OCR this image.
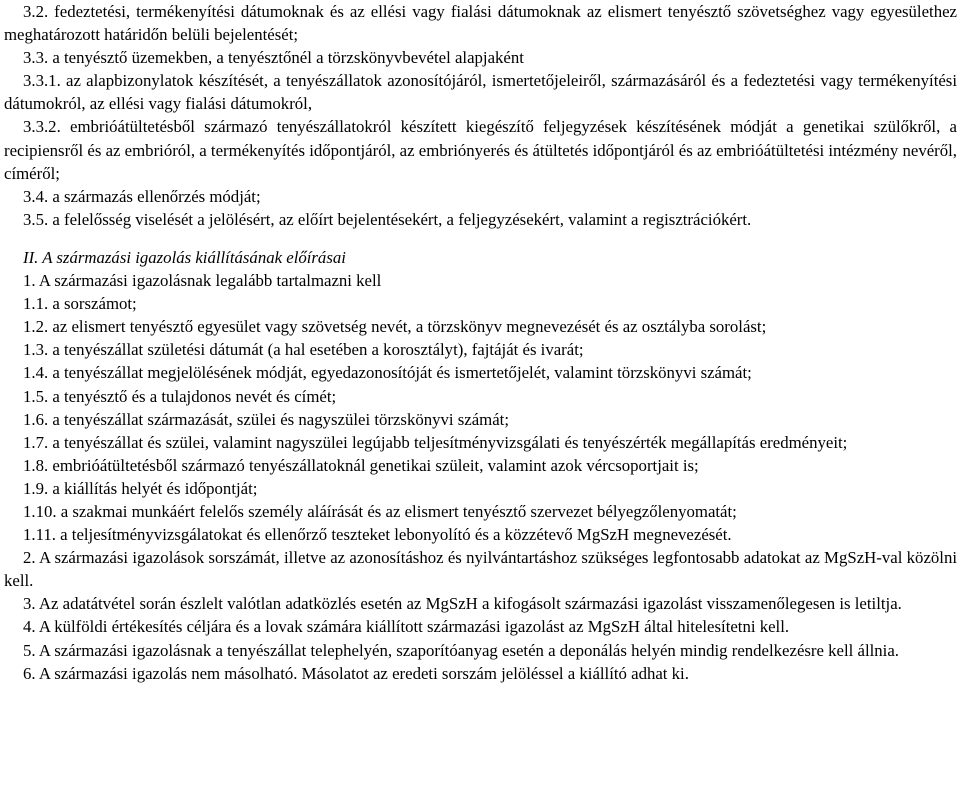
3.2. fedeztetési, termékenyítési dátumoknak és az ellési vagy fialási dátumoknak az elismert tenyésztő szövetséghez vagy egyesülethez meghatározott határidőn belüli bejelentését;

3.3. a tenyésztő üzemekben, a tenyésztőnél a törzskönyvbevétel alapjaként

3.3.1. az alapbizonylatok készítését, a tenyészállatok azonosítójáról, ismertetőjeleiről, származásáról és a fedeztetési vagy termékenyítési dátumokról, az ellési vagy fialási dátumokról,

3.3.2. embrióátültetésből származó tenyészállatokról készített kiegészítő feljegyzések készítésének módját a genetikai szülőkről, a recipiensről és az embrióról, a termékenyítés időpontjáról, az embriónyerés és átültetés időpontjáról és az embrióátültetési intézmény nevéről, címéről;

3.4. a származás ellenőrzés módját;

3.5. a felelősség viselését a jelölésért, az előírt bejelentésekért, a feljegyzésekért, valamint a regisztrációkért.

II. A származási igazolás kiállításának előírásai

1. A származási igazolásnak legalább tartalmazni kell

1.1. a sorszámot;

1.2. az elismert tenyésztő egyesület vagy szövetség nevét, a törzskönyv megnevezését és az osztályba sorolást;

1.3. a tenyészállat születési dátumát (a hal esetében a korosztályt), fajtáját és ivarát;

1.4. a tenyészállat megjelölésének módját, egyedazonosítóját és ismertetőjelét, valamint törzskönyvi számát;

1.5. a tenyésztő és a tulajdonos nevét és címét;

1.6. a tenyészállat származását, szülei és nagyszülei törzskönyvi számát;

1.7. a tenyészállat és szülei, valamint nagyszülei legújabb teljesítményvizsgálati és tenyészérték megállapítás eredményeit;

1.8. embrióátültetésből származó tenyészállatoknál genetikai szüleit, valamint azok vércsoportjait is;

1.9. a kiállítás helyét és időpontját;

1.10. a szakmai munkáért felelős személy aláírását és az elismert tenyésztő szervezet bélyegzőlenyomatát;

1.11. a teljesítményvizsgálatokat és ellenőrző teszteket lebonyolító és a közzétevő MgSzH megnevezését.

2. A származási igazolások sorszámát, illetve az azonosításhoz és nyilvántartáshoz szükséges legfontosabb adatokat az MgSzH-val közölni kell.

3. Az adatátvétel során észlelt valótlan adatközlés esetén az MgSzH a kifogásolt származási igazolást visszamenőlegesen is letiltja.

4. A külföldi értékesítés céljára és a lovak számára kiállított származási igazolást az MgSzH által hitelesítetni kell.

5. A származási igazolásnak a tenyészállat telephelyén, szaporítóanyag esetén a deponálás helyén mindig rendelkezésre kell állnia.

6. A származási igazolás nem másolható. Másolatot az eredeti sorszám jelöléssel a kiállító adhat ki.
